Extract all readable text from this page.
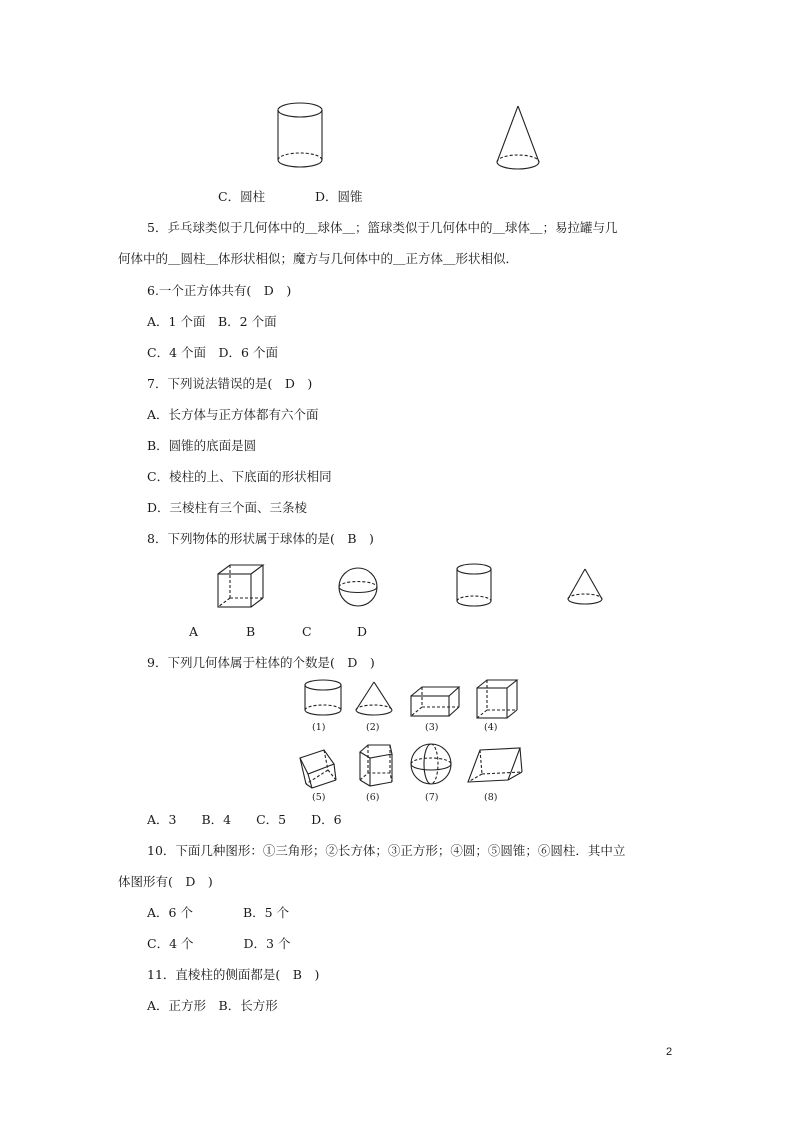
C．圆柱	D．圆锥
5．乒乓球类似于几何体中的＿球体＿；篮球类似于几何体中的＿球体＿；易拉罐与几
何体中的＿圆柱＿体形状相似；魔方与几何体中的＿正方体＿形状相似．
6.一个正方体共有(　D　)
A．1 个面　B．2 个面
C．4 个面　D．6 个面
7．下列说法错误的是(　D　)
A．长方体与正方体都有六个面
B．圆锥的底面是圆
C．棱柱的上、下底面的形状相同
D．三棱柱有三个面、三条棱
8．下列物体的形状属于球体的是(　B　)
A	B	C	D
9．下列几何体属于柱体的个数是(　D　)
(1)	(2)	(3)	(4)
(5)	(6)	(7)	(8)
A．3　　B．4　　C．5　　D．6
10．下面几种图形：①三角形；②长方体；③正方形；④圆；⑤圆锥；⑥圆柱．其中立
体图形有(　D　)
A．6 个　　　　B．5 个
C．4 个　　　　D．3 个
11．直棱柱的侧面都是(　B　)
A．正方形　B．长方形
2
